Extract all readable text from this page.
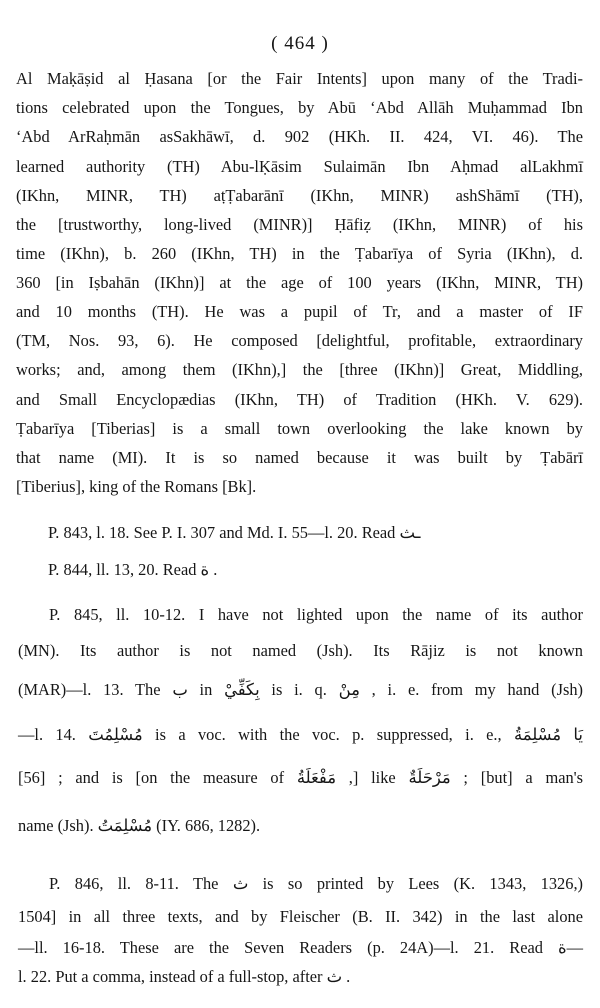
( 464 )
Al Maḳāṣid al Ḥasana [or the Fair Intents] upon many of the Tradi-
tions celebrated upon the Tongues, by Abū ‘Abd Allāh Muḥammad Ibn
‘Abd ArRaḥmān asSakhāwī, d. 902 (HKh. II. 424, VI. 46). The
learned authority (TH) Abu-lḲāsim Sulaimān Ibn Aḥmad alLakhmī
(IKhn, MINR, TH) aṭṬabarānī (IKhn, MINR) ashShāmī (TH),
the [trustworthy, long-lived (MINR)] Ḥāfiẓ (IKhn, MINR) of his
time (IKhn), b. 260 (IKhn, TH) in the Ṭabarīya of Syria (IKhn), d.
360 [in Iṣbahān (IKhn)] at the age of 100 years (IKhn, MINR, TH)
and 10 months (TH). He was a pupil of Tr, and a master of IF
(TM, Nos. 93, 6). He composed [delightful, profitable, extraordinary
works; and, among them (IKhn),] the [three (IKhn)] Great, Middling,
and Small Encyclopædias (IKhn, TH) of Tradition (HKh. V. 629).
Ṭabarīya [Tiberias] is a small town overlooking the lake known by
that name (MI). It is so named because it was built by Ṭabārī
[Tiberius], king of the Romans [Bk].
P. 843, l. 18. See P. I. 307 and Md. I. 55—l. 20. Read ـث
P. 844, ll. 13, 20. Read ﺓ .
P. 845, ll. 10-12. I have not lighted upon the name of its author
(MN). Its author is not named (Jsh). Its Rājiz is not known
(MAR)—l. 13. The ب in بِكَفِّيْ is i. q. مِنْ , i. e. from my hand (Jsh)
—l. 14. مُسْلِمُتَ is a voc. with the voc. p. suppressed, i. e., يَا مُسْلِمَةُ
[56] ; and is [on the measure of مَفْعَلَةُ ,] like مَرْحَلَةٌ ; [but] a man's
name (Jsh). مُسْلِمَتُ (IY. 686, 1282).
P. 846, ll. 8-11. The ث is so printed by Lees (K. 1343, 1326,)
1504] in all three texts, and by Fleischer (B. II. 342) in the last alone
—ll. 16-18. These are the Seven Readers (p. 24A)—l. 21. Read ﺓ—
l. 22. Put a comma, instead of a full-stop, after ث .
